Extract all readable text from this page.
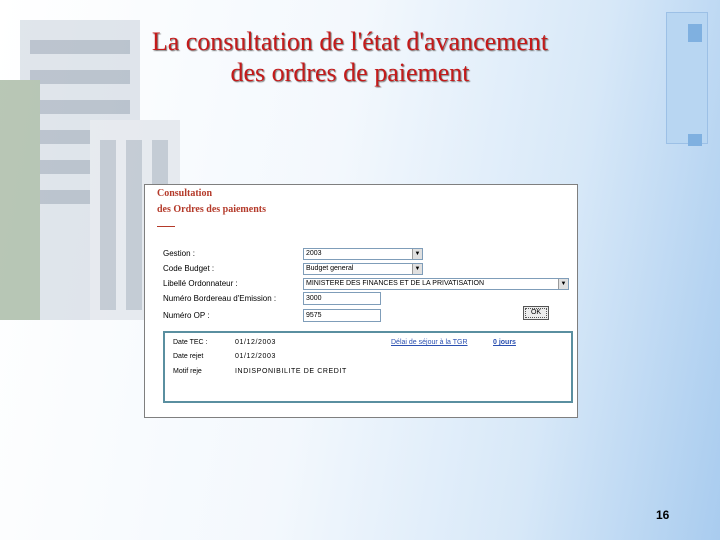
La consultation de l'état d'avancement
des ordres de paiement
Consultation
des Ordres des paiements
Gestion :	2003	▼
Code Budget :	Budget general	▼
Libellé Ordonnateur :	MINISTERE DES FINANCES ET DE LA PRIVATISATION	▼
Numéro Bordereau d'Emission :	3000
Numéro OP :	9575	OK
Date TEC :	01/12/2003	Délai de séjour à la TGR	0 jours
Date rejet	01/12/2003
Motif reje	INDISPONIBILITE DE CREDIT
16
